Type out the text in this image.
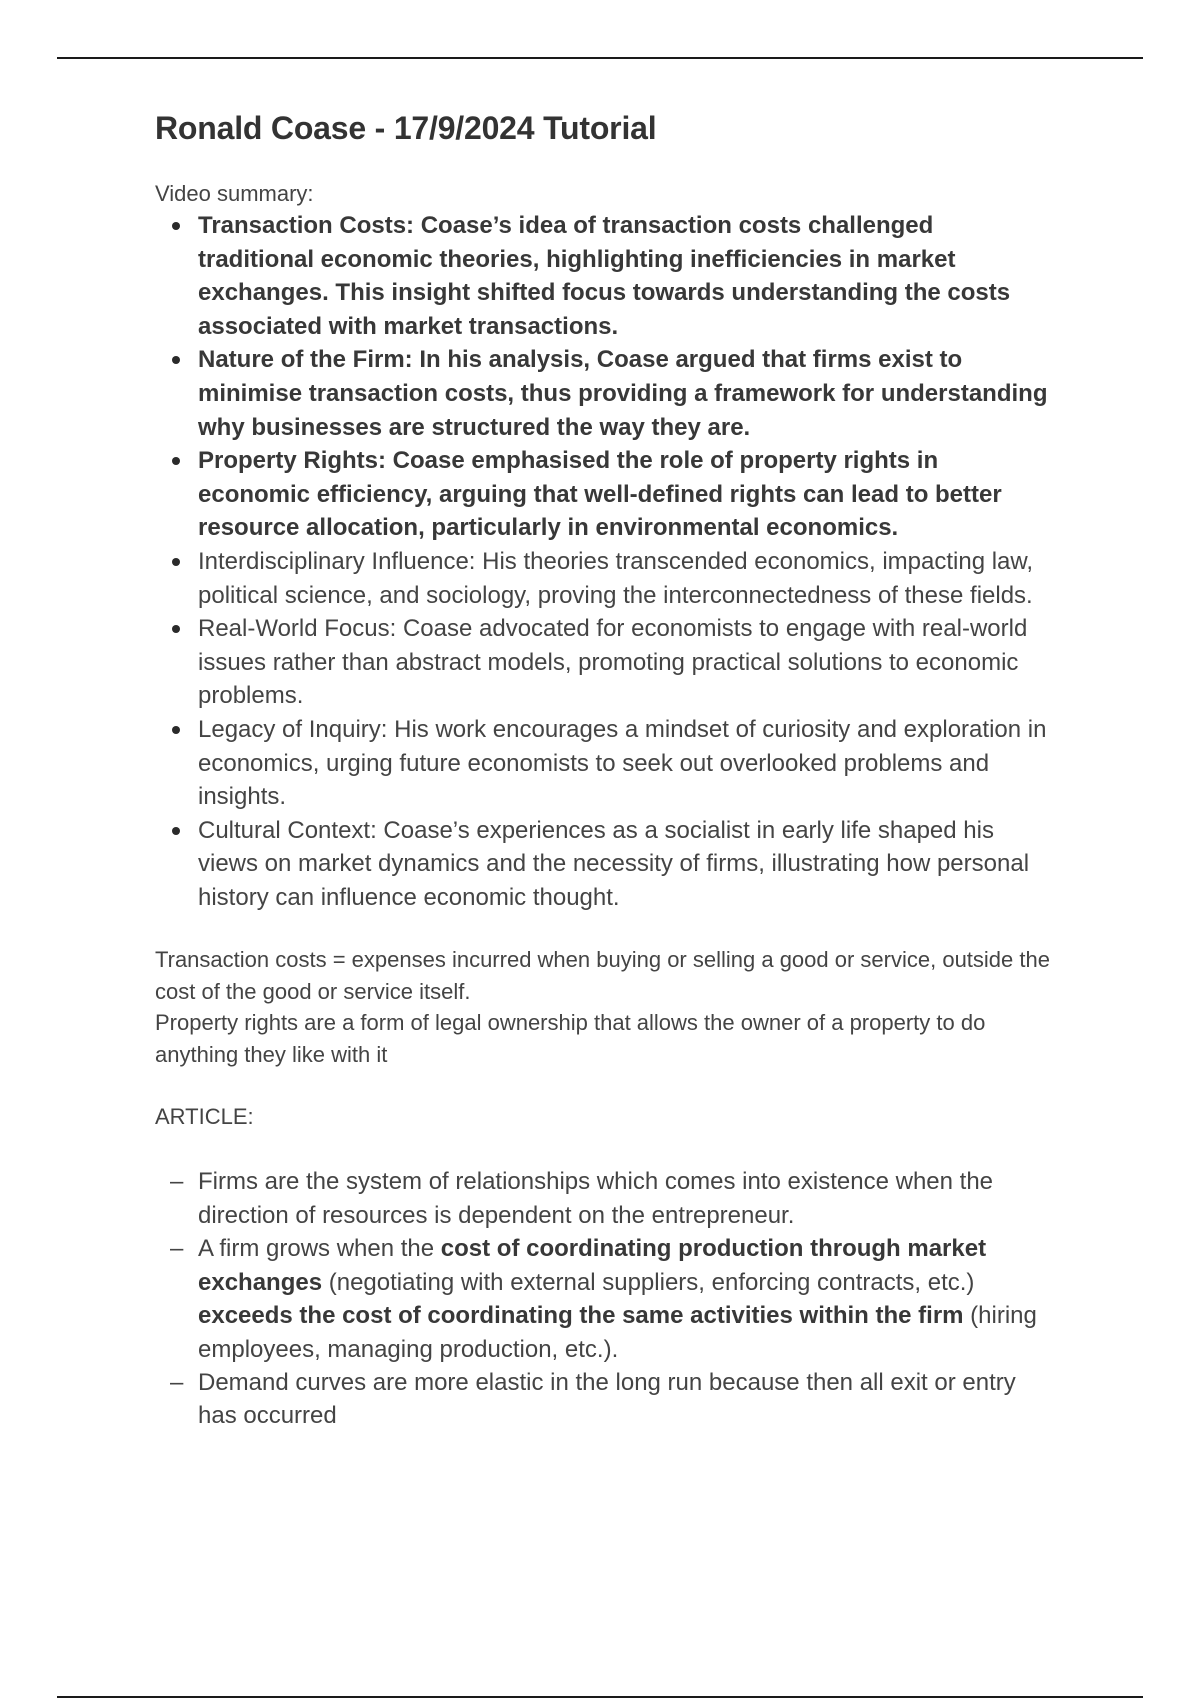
Ronald Coase - 17/9/2024 Tutorial

Video summary:

Transaction Costs: Coase’s idea of transaction costs challenged traditional economic theories, highlighting inefficiencies in market exchanges. This insight shifted focus towards understanding the costs associated with market transactions.
Nature of the Firm: In his analysis, Coase argued that firms exist to minimise transaction costs, thus providing a framework for understanding why businesses are structured the way they are.
Property Rights: Coase emphasised the role of property rights in economic efficiency, arguing that well-defined rights can lead to better resource allocation, particularly in environmental economics.
Interdisciplinary Influence: His theories transcended economics, impacting law, political science, and sociology, proving the interconnectedness of these fields.
Real-World Focus: Coase advocated for economists to engage with real-world issues rather than abstract models, promoting practical solutions to economic problems.
Legacy of Inquiry: His work encourages a mindset of curiosity and exploration in economics, urging future economists to seek out overlooked problems and insights.
Cultural Context: Coase’s experiences as a socialist in early life shaped his views on market dynamics and the necessity of firms, illustrating how personal history can influence economic thought.

Transaction costs = expenses incurred when buying or selling a good or service, outside the cost of the good or service itself.

Property rights are a form of legal ownership that allows the owner of a property to do anything they like with it

ARTICLE:

– Firms are the system of relationships which comes into existence when the direction of resources is dependent on the entrepreneur.
– A firm grows when the cost of coordinating production through market exchanges (negotiating with external suppliers, enforcing contracts, etc.) exceeds the cost of coordinating the same activities within the firm (hiring employees, managing production, etc.).
– Demand curves are more elastic in the long run because then all exit or entry has occurred
